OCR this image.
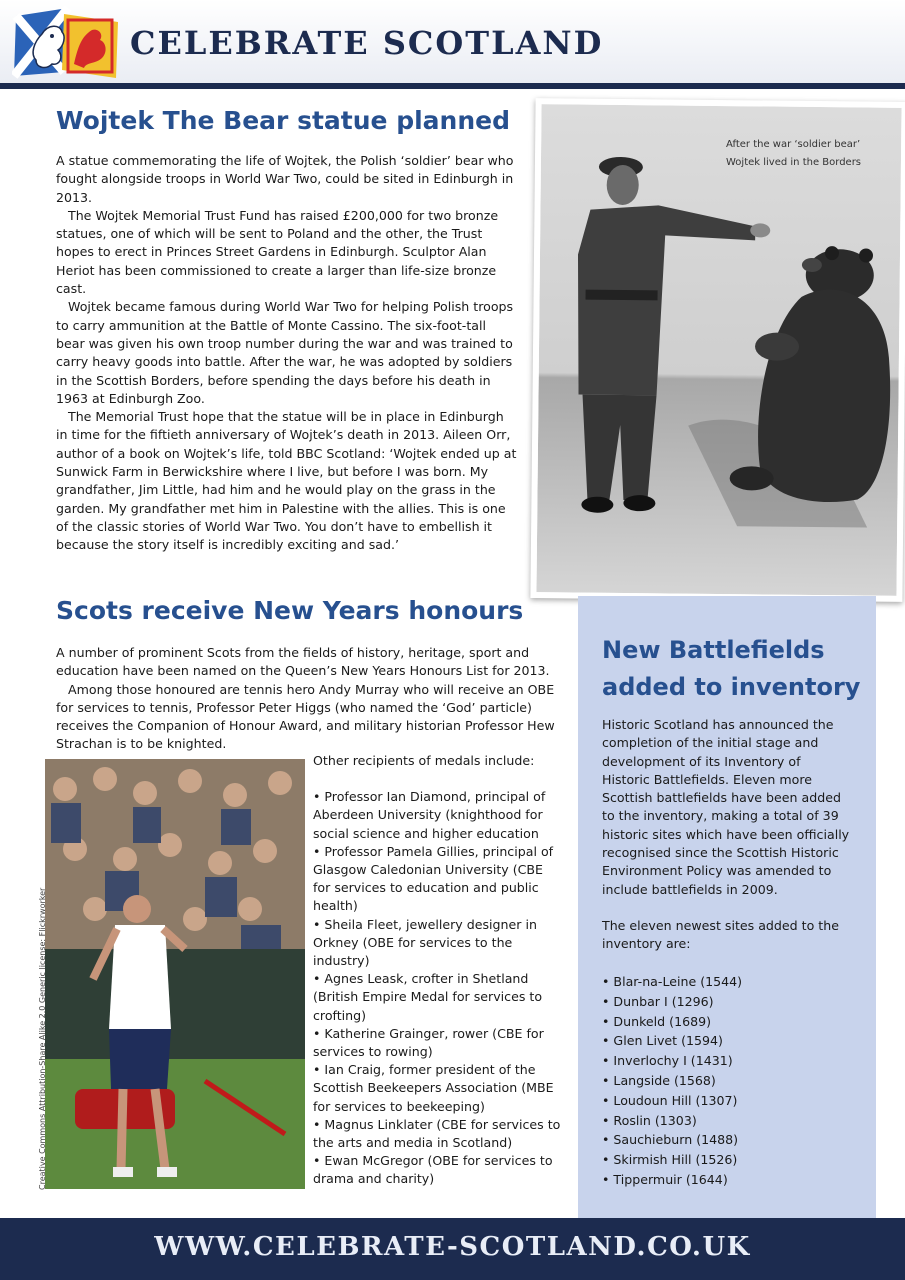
CELEBRATE SCOTLAND
Wojtek The Bear statue planned

A statue commemorating the life of Wojtek, the Polish ‘soldier’ bear who fought alongside troops in World War Two, could be sited in Edinburgh in 2013.

The Wojtek Memorial Trust Fund has raised £200,000 for two bronze statues, one of which will be sent to Poland and the other, the Trust hopes to erect in Princes Street Gardens in Edinburgh. Sculptor Alan Heriot has been commissioned to create a larger than life-size bronze cast.

Wojtek became famous during World War Two for helping Polish troops to carry ammunition at the Battle of Monte Cassino. The six-foot-tall bear was given his own troop number during the war and was trained to carry heavy goods into battle. After the war, he was adopted by soldiers in the Scottish Borders, before spending the days before his death in 1963 at Edinburgh Zoo.

The Memorial Trust hope that the statue will be in place in Edinburgh in time for the fiftieth anniversary of Wojtek’s death in 2013. Aileen Orr, author of a book on Wojtek’s life, told BBC Scotland: ‘Wojtek ended up at Sunwick Farm in Berwickshire where I live, but before I was born. My grandfather, Jim Little, had him and he would play on the grass in the garden. My grandfather met him in Palestine with the allies. This is one of the classic stories of World War Two. You don’t have to embellish it because the story itself is incredibly exciting and sad.’

After the war ‘soldier bear’ Wojtek lived in the Borders
Scots receive New Years honours

A number of prominent Scots from the fields of history, heritage, sport and education have been named on the Queen’s New Years Honours List for 2013.

Among those honoured are tennis hero Andy Murray who will receive an OBE for services to tennis, Professor Peter Higgs (who named the ‘God’ particle) receives the Companion of Honour Award, and military historian Professor Hew Strachan is to be knighted.

Creative Commons Attribution-Share Alike 2.0 Generic license: Flickrworker
Other recipients of medals include:
• Professor Ian Diamond, principal of Aberdeen University (knighthood for social science and higher education
• Professor Pamela Gillies, principal of Glasgow Caledonian University (CBE for services to education and public health)
• Sheila Fleet, jewellery designer in Orkney (OBE for services to the industry)
• Agnes Leask, crofter in Shetland (British Empire Medal for services to crofting)
• Katherine Grainger, rower (CBE for services to rowing)
• Ian Craig, former president of the Scottish Beekeepers Association (MBE for services to beekeeping)
• Magnus Linklater (CBE for services to the arts and media in Scotland)
• Ewan McGregor (OBE for services to drama and charity)
New Battlefields added to inventory

Historic Scotland has announced the completion of the initial stage and development of its Inventory of Historic Battlefields. Eleven more Scottish battlefields have been added to the inventory, making a total of 39 historic sites which have been officially recognised since the Scottish Historic Environment Policy was amended to include battlefields in 2009.

The eleven newest sites added to the inventory are:

• Blar-na-Leine (1544)
• Dunbar I (1296)
• Dunkeld (1689)
• Glen Livet (1594)
• Inverlochy I (1431)
• Langside (1568)
• Loudoun Hill (1307)
• Roslin (1303)
• Sauchieburn (1488)
• Skirmish Hill (1526)
• Tippermuir (1644)
WWW.CELEBRATE-SCOTLAND.CO.UK
